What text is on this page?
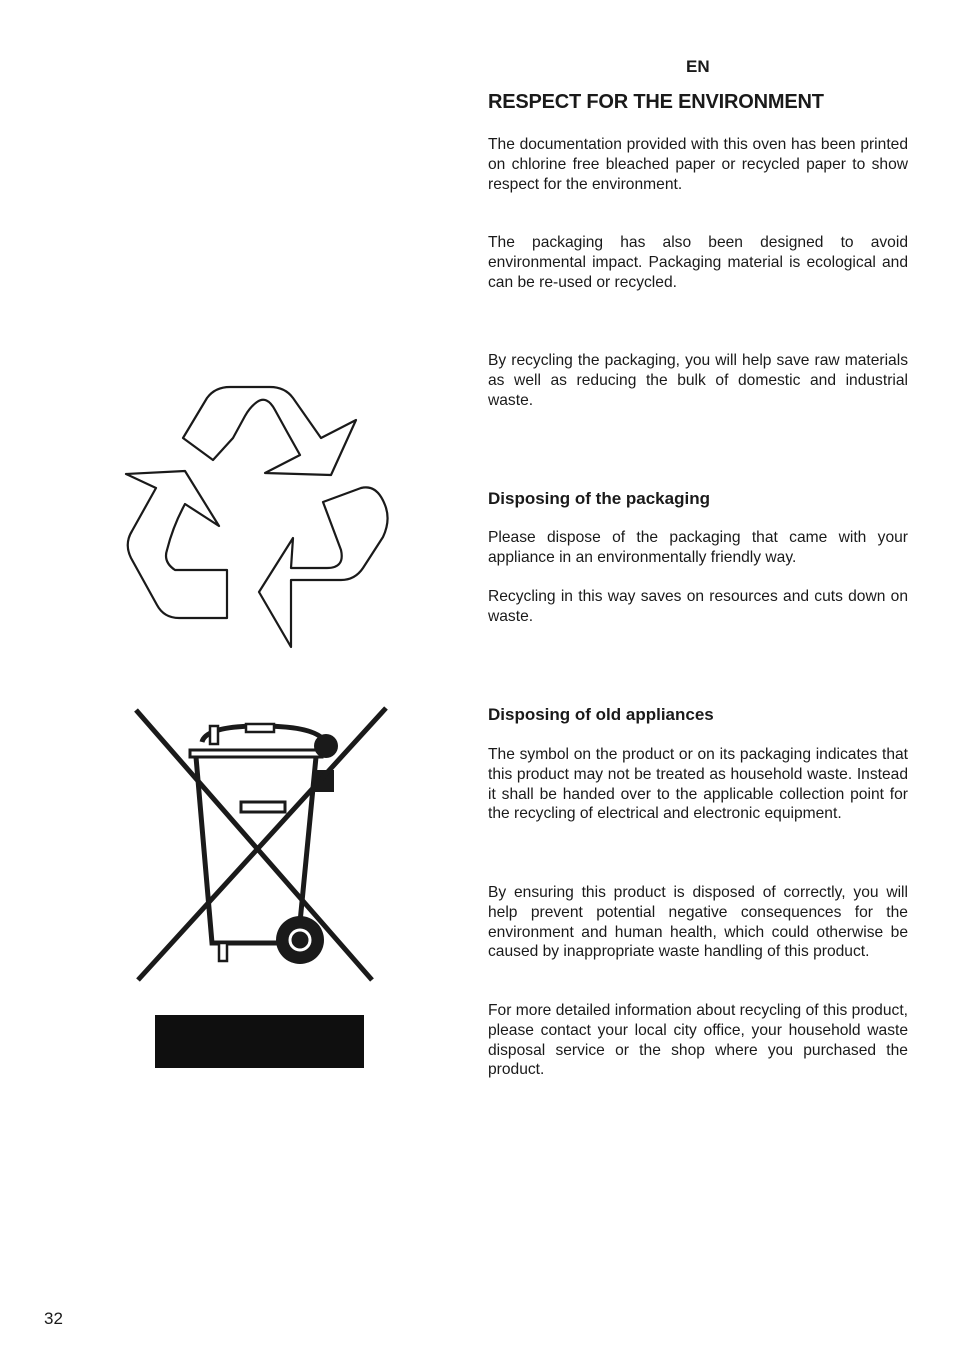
EN
RESPECT FOR THE ENVIRONMENT

The documentation provided with this oven has been printed on chlorine free bleached paper or recycled paper to show respect for the environment.

The packaging has also been designed to avoid environmental impact. Packaging material is ecological and can be re-used or recycled.

By recycling the packaging, you will help save raw materials as well as reducing the bulk of domestic and industrial waste.

Disposing of the packaging

Please dispose of the packaging that came with your appliance in an environmentally friendly way.

Recycling in this way saves on resources and cuts down on waste.

Disposing of old appliances

The symbol on the product or on its packaging indicates that this product may not be treated as household waste. Instead it shall be handed over to the applicable collection point for the recycling of electrical and electronic equipment.

By ensuring this product is disposed of correctly, you will help prevent potential negative consequences for the environment and human health, which could otherwise be caused by inappropriate waste handling of this product.

For more detailed information about recycling of this product, please contact your local city office, your household waste disposal service or the shop where you purchased the product.

32
